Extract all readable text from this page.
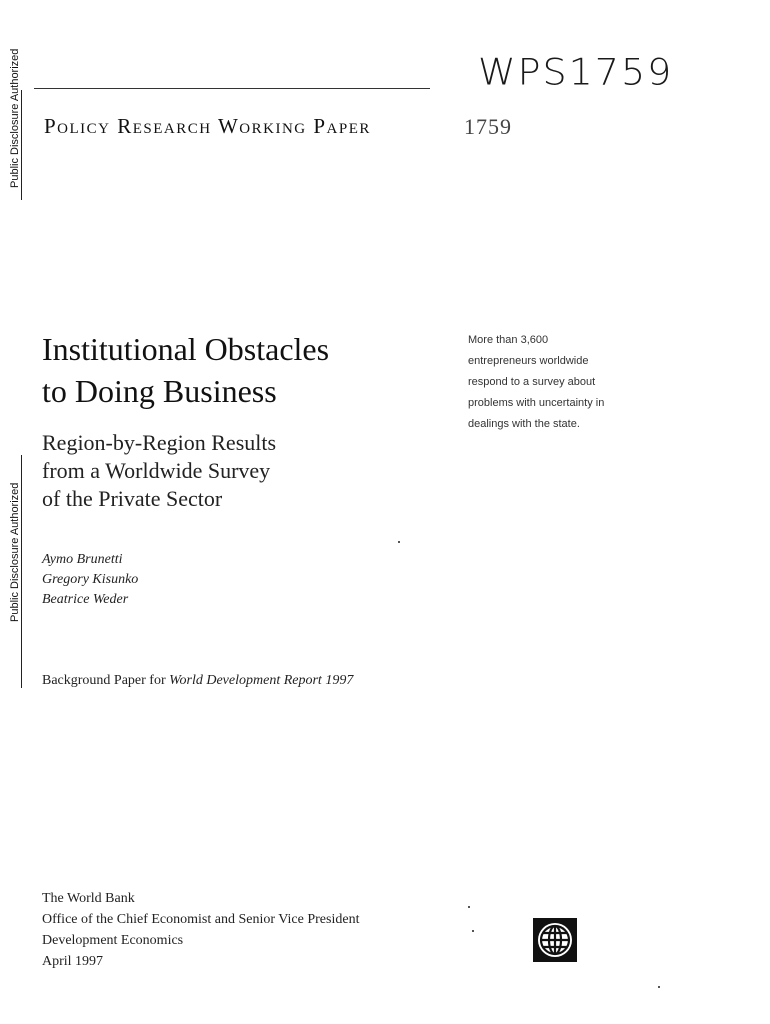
Public Disclosure Authorized
Public Disclosure Authorized
Policy Research Working Paper
WPS1759
1759
Institutional Obstacles
to Doing Business
Region-by-Region Results
from a Worldwide Survey
of the Private Sector
Aymo Brunetti
Gregory Kisunko
Beatrice Weder
Background Paper for World Development Report 1997
More than 3,600
entrepreneurs worldwide
respond to a survey about
problems with uncertainty in
dealings with the state.
The World Bank
Office of the Chief Economist and Senior Vice President
Development Economics
April 1997
